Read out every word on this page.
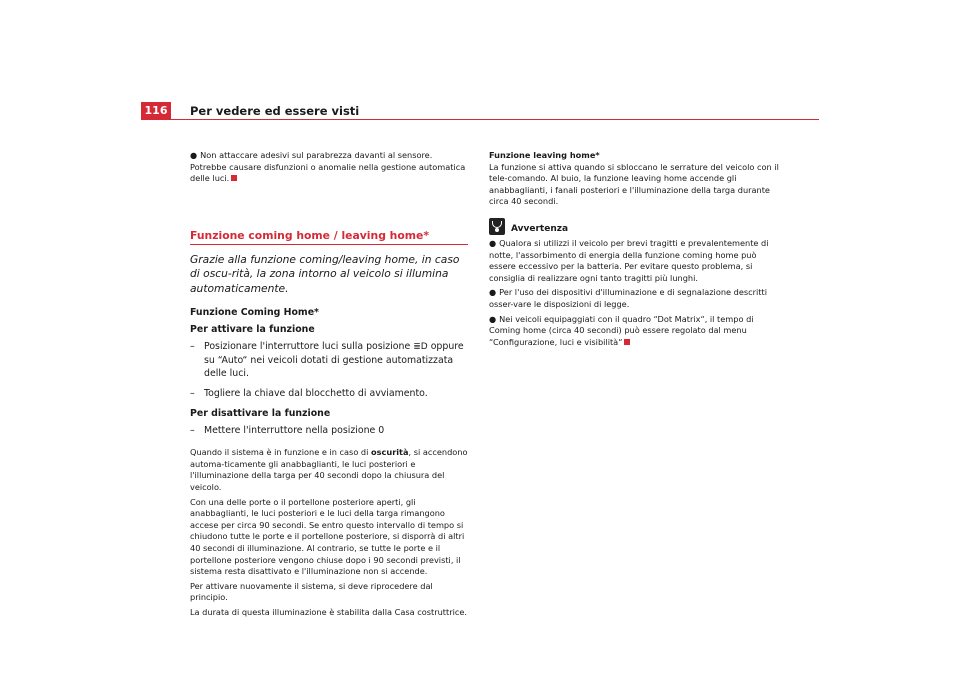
116	Per vedere ed essere visti

● Non attaccare adesivi sul parabrezza davanti al sensore. Potrebbe causare disfunzioni o anomalie nella gestione automatica delle luci.

Funzione coming home / leaving home*
Grazie alla funzione coming/leaving home, in caso di oscu-rità, la zona intorno al veicolo si illumina automaticamente.

Funzione Coming Home*

Per attivare la funzione

– Posizionare l'interruttore luci sulla posizione ≣D oppure su “Auto“ nei veicoli dotati di gestione automatizzata delle luci.
– Togliere la chiave dal blocchetto di avviamento.

Per disattivare la funzione

– Mettere l'interruttore nella posizione 0

Quando il sistema è in funzione e in caso di oscurità, si accendono automa-ticamente gli anabbaglianti, le luci posteriori e l'illuminazione della targa per 40 secondi dopo la chiusura del veicolo.

Con una delle porte o il portellone posteriore aperti, gli anabbaglianti, le luci posteriori e le luci della targa rimangono accese per circa 90 secondi. Se entro questo intervallo di tempo si chiudono tutte le porte e il portellone posteriore, si disporrà di altri 40 secondi di illuminazione. Al contrario, se tutte le porte e il portellone posteriore vengono chiuse dopo i 90 secondi previsti, il sistema resta disattivato e l'illuminazione non si accende.

Per attivare nuovamente il sistema, si deve riprocedere dal principio.

La durata di questa illuminazione è stabilita dalla Casa costruttrice.

Funzione leaving home*

La funzione si attiva quando si sbloccano le serrature del veicolo con il tele-comando. Al buio, la funzione leaving home accende gli anabbaglianti, i fanali posteriori e l'illuminazione della targa durante circa 40 secondi.

Avvertenza

● Qualora si utilizzi il veicolo per brevi tragitti e prevalentemente di notte, l'assorbimento di energia della funzione coming home può essere eccessivo per la batteria. Per evitare questo problema, si consiglia di realizzare ogni tanto tragitti più lunghi.

● Per l'uso dei dispositivi d'illuminazione e di segnalazione descritti osser-vare le disposizioni di legge.

● Nei veicoli equipaggiati con il quadro “Dot Matrix“, il tempo di Coming home (circa 40 secondi) può essere regolato dal menu “Configurazione, luci e visibilità“
